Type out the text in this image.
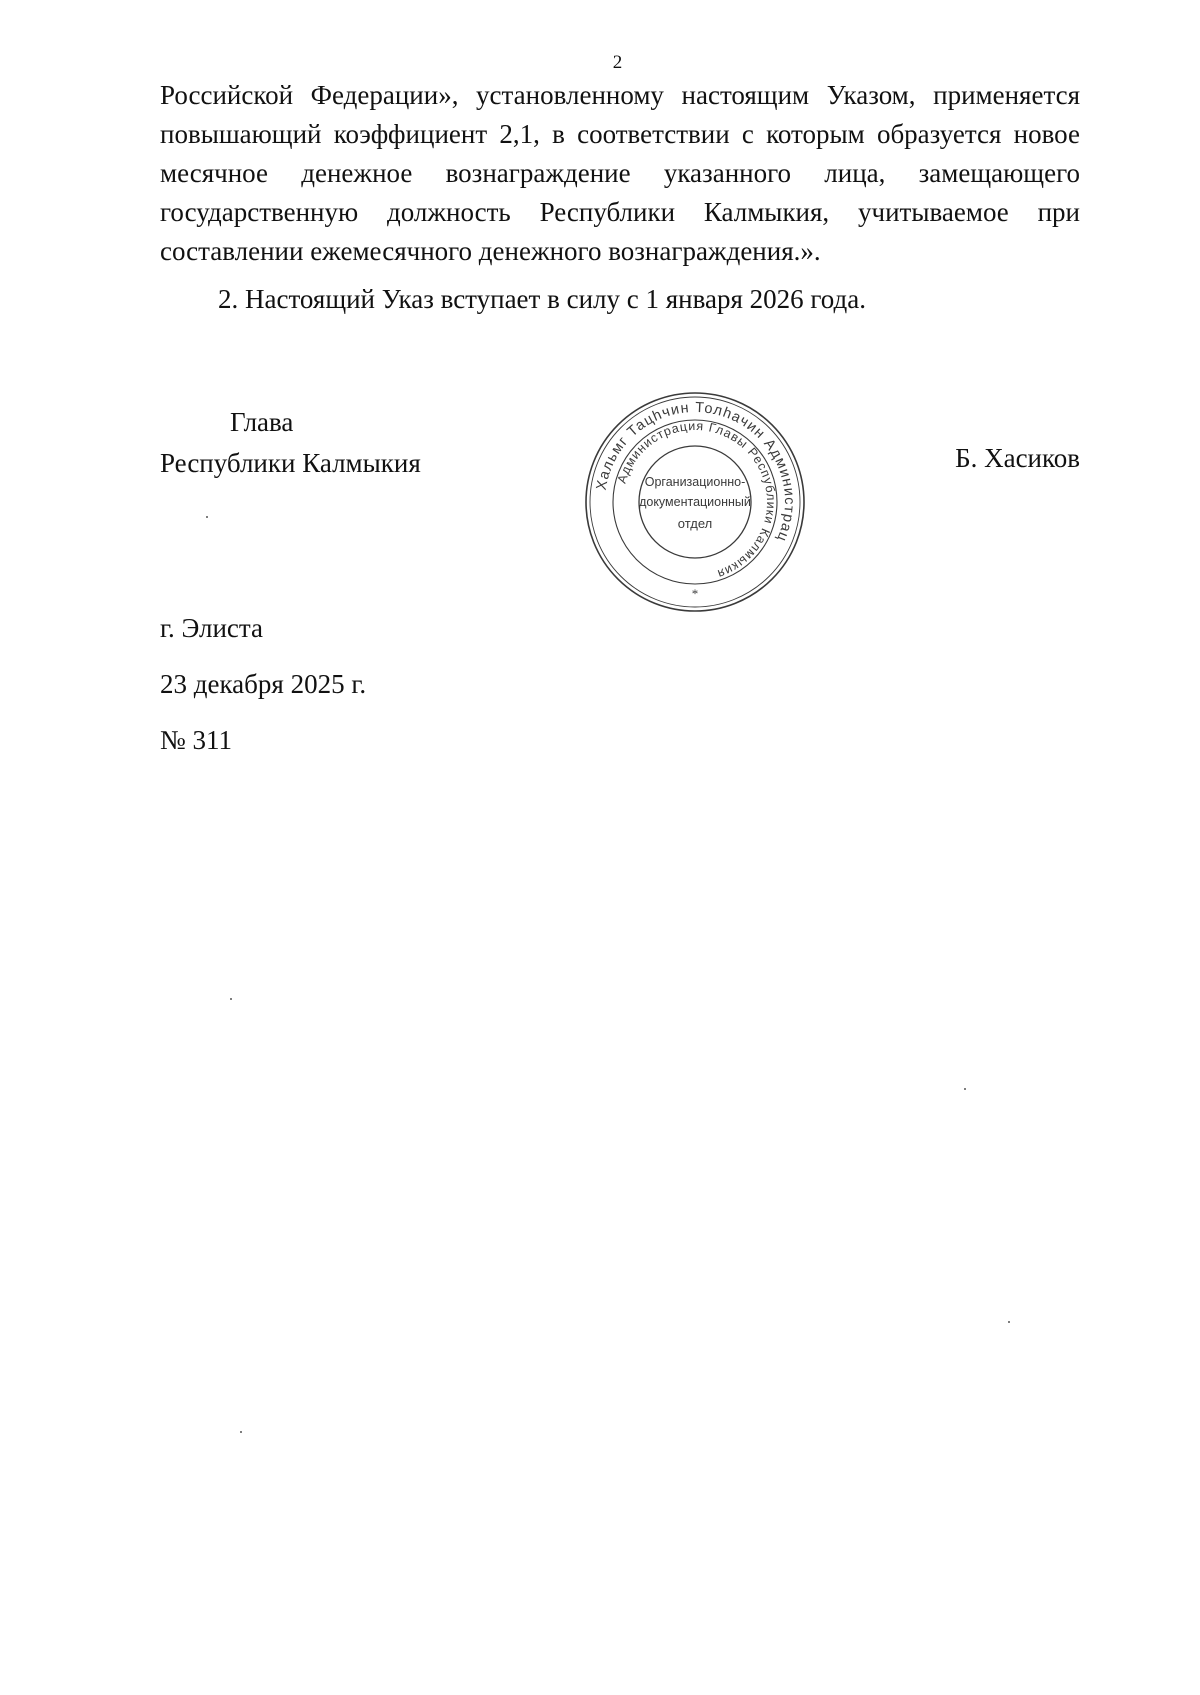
2

Российской Федерации», установленному настоящим Указом, применяется повышающий коэффициент 2,1, в соответствии с которым образуется новое месячное денежное вознаграждение указанного лица, замещающего государственную должность Республики Калмыкия, учитываемое при составлении ежемесячного денежного вознаграждения.».

2. Настоящий Указ вступает в силу с 1 января 2026 года.

Глава
Республики Калмыкия	Б. Хасиков
Хальмг Тацhчин Толhачин Администрац
Администрация Главы Республики Калмыкия
*
Организационно-
документационный
отдел
г. Элиста
23 декабря 2025 г.
№ 311
